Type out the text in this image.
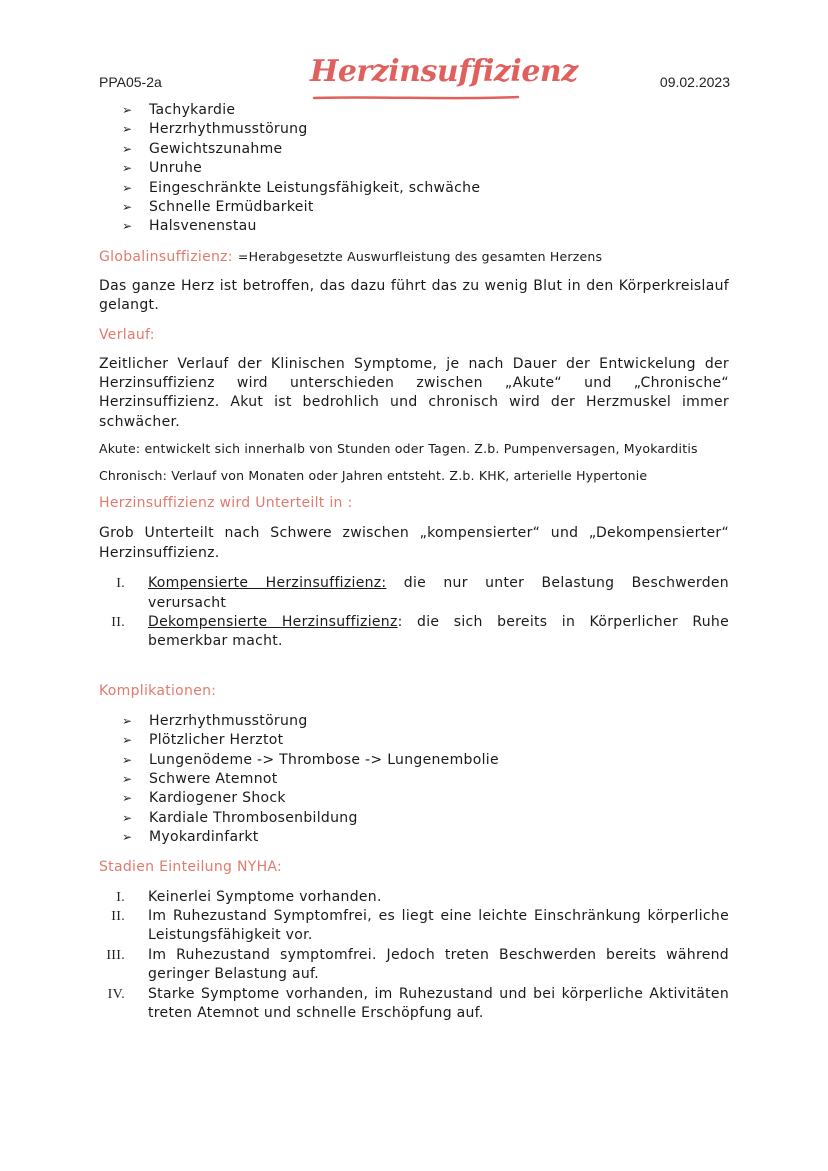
PPA05-2a	Herzinsuffizienz	09.02.2023
➢ Tachykardie
➢ Herzrhythmusstörung
➢ Gewichtszunahme
➢ Unruhe
➢ Eingeschränkte Leistungsfähigkeit, schwäche
➢ Schnelle Ermüdbarkeit
➢ Halsvenenstau
Globalinsuffizienz: =Herabgesetzte Auswurfleistung des gesamten Herzens

Das ganze Herz ist betroffen, das dazu führt das zu wenig Blut in den Körperkreislauf gelangt.

Verlauf:

Zeitlicher Verlauf der Klinischen Symptome, je nach Dauer der Entwickelung der Herzinsuffizienz wird unterschieden zwischen „Akute“ und „Chronische“ Herzinsuffizienz. Akut ist bedrohlich und chronisch wird der Herzmuskel immer schwächer.

Akute: entwickelt sich innerhalb von Stunden oder Tagen. Z.b. Pumpenversagen, Myokarditis

Chronisch: Verlauf von Monaten oder Jahren entsteht. Z.b. KHK, arterielle Hypertonie

Herzinsuffizienz wird Unterteilt in :

Grob Unterteilt nach Schwere zwischen „kompensierter“ und „Dekompensierter“ Herzinsuffizienz.

I. Kompensierte Herzinsuffizienz: die nur unter Belastung Beschwerden verursacht
II. Dekompensierte Herzinsuffizienz: die sich bereits in Körperlicher Ruhe bemerkbar macht.
Komplikationen:
➢ Herzrhythmusstörung
➢ Plötzlicher Herztot
➢ Lungenödeme -> Thrombose -> Lungenembolie
➢ Schwere Atemnot
➢ Kardiogener Shock
➢ Kardiale Thrombosenbildung
➢ Myokardinfarkt
Stadien Einteilung NYHA:
I. Keinerlei Symptome vorhanden.
II. Im Ruhezustand Symptomfrei, es liegt eine leichte Einschränkung körperliche Leistungsfähigkeit vor.
III. Im Ruhezustand symptomfrei. Jedoch treten Beschwerden bereits während geringer Belastung auf.
IV. Starke Symptome vorhanden, im Ruhezustand und bei körperliche Aktivitäten treten Atemnot und schnelle Erschöpfung auf.
